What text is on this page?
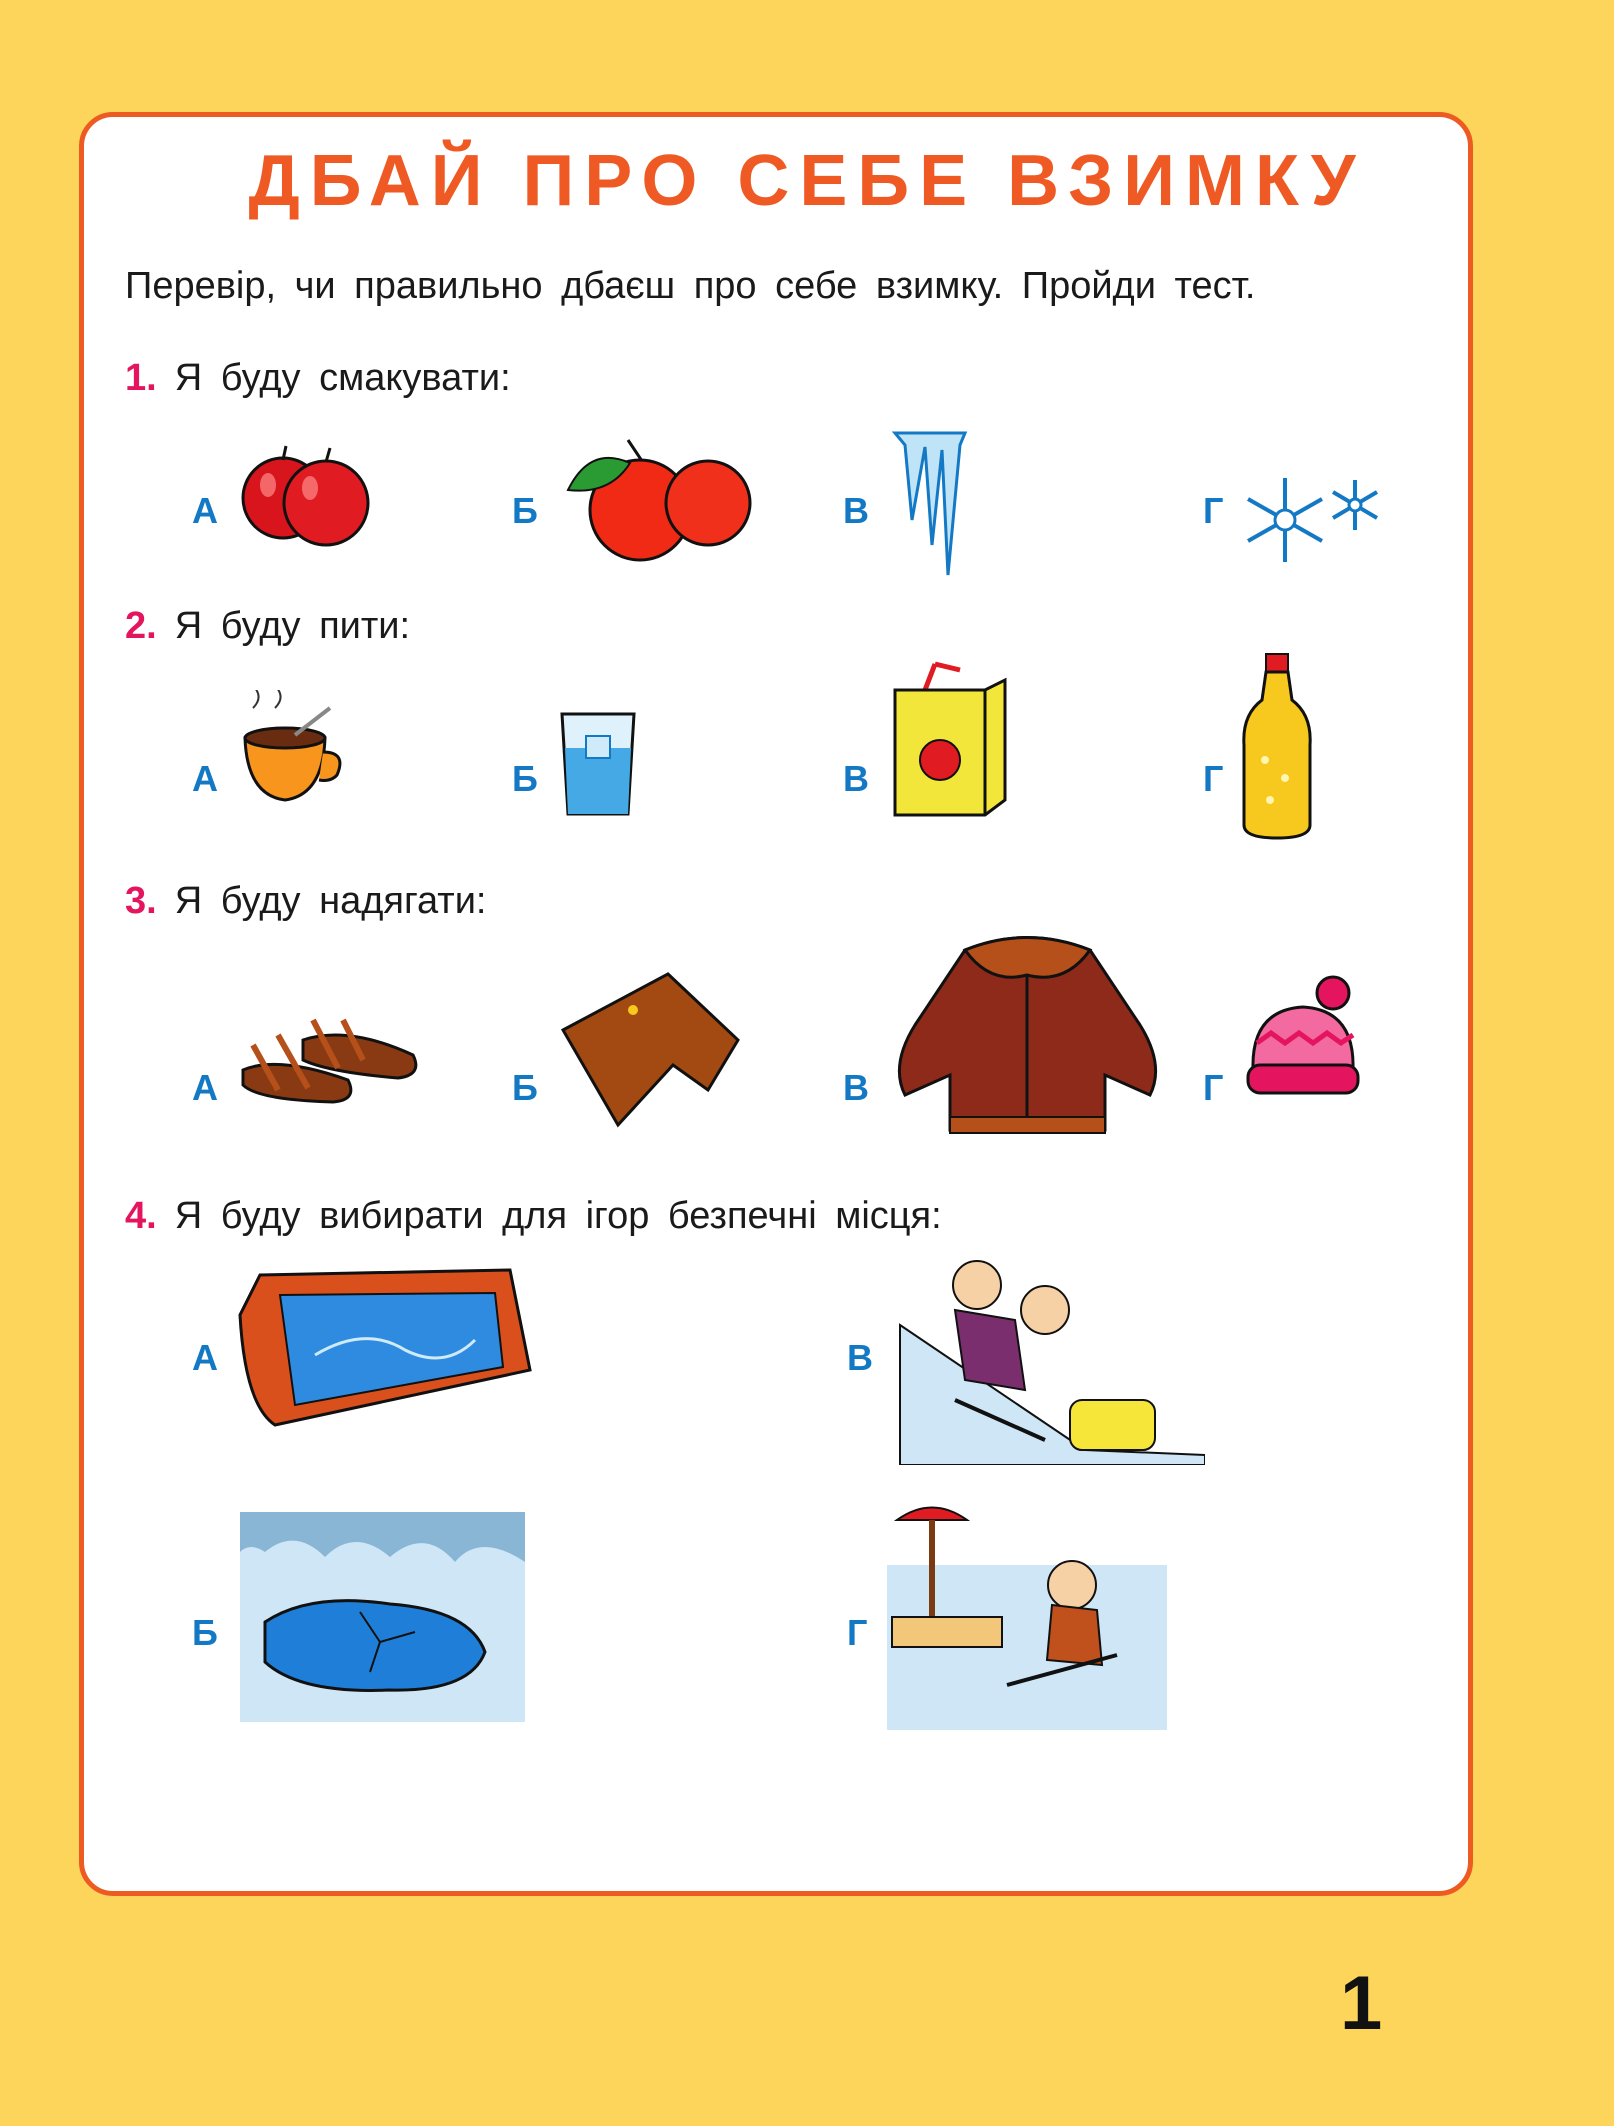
ДБАЙ ПРО СЕБЕ ВЗИМКУ
Перевір, чи правильно дбаєш про себе взимку. Пройди тест.
1. Я буду смакувати:
А	Б	В	Г
2. Я буду пити:
А	Б	В	Г
3. Я буду надягати:
А	Б	В	Г
4. Я буду вибирати для ігор безпечні місця:
А
Б
В
Г
1
